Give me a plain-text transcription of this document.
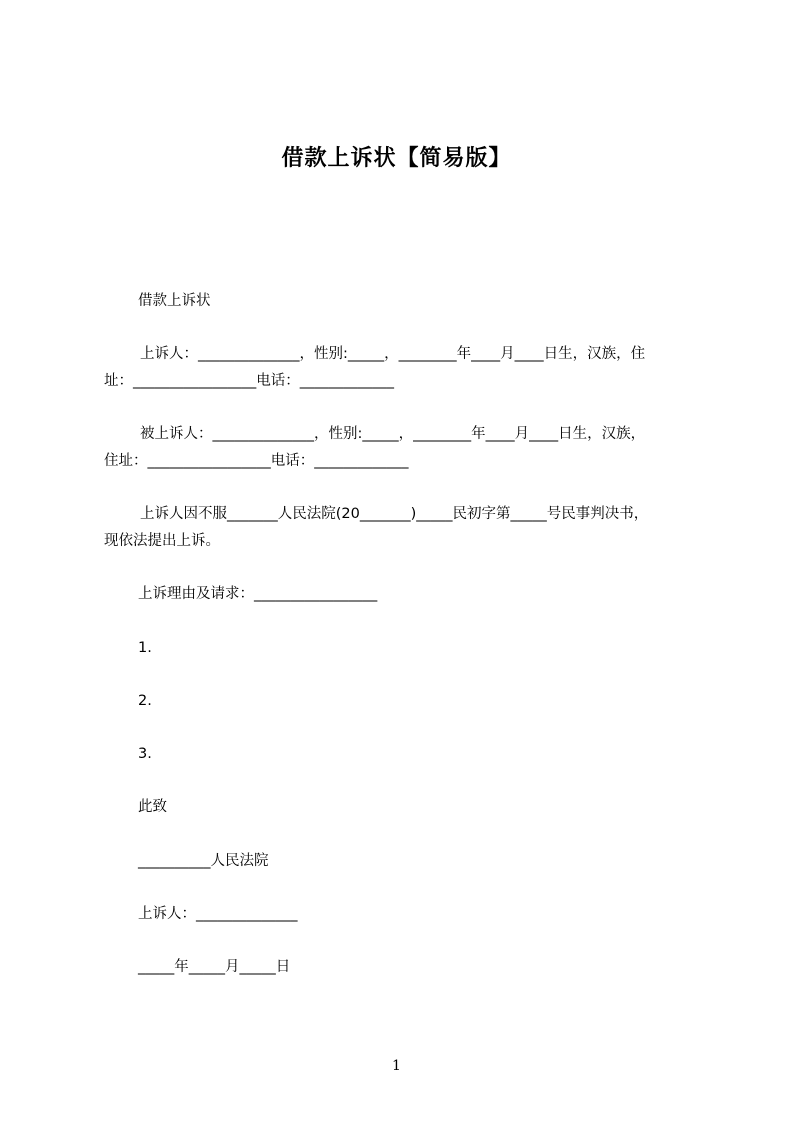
借款上诉状【简易版】
借款上诉状
上诉人：______________，性别:_____，________年____月____日生，汉族，住
址：_________________电话：_____________
被上诉人：______________，性别:_____，________年____月____日生，汉族，
住址：_________________电话：_____________
上诉人因不服_______人民法院(20_______)_____民初字第_____号民事判决书，
现依法提出上诉。
上诉理由及请求：_________________
1.
2.
3.
此致
__________人民法院
上诉人：______________
_____年_____月_____日
1
